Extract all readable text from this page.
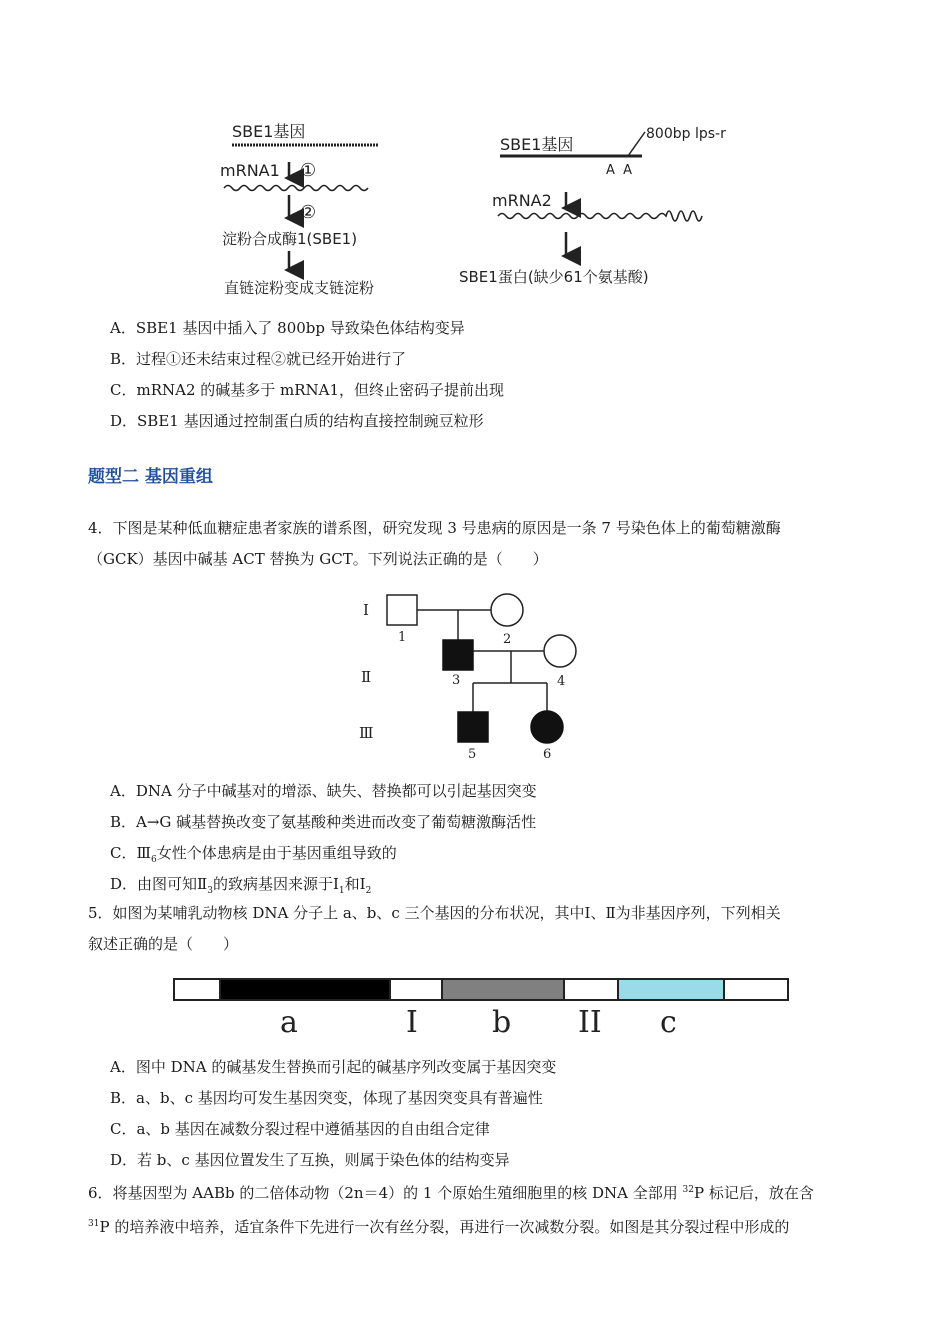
SBE1基因
mRNA1 ①
②
淀粉合成酶1(SBE1)
直链淀粉变成支链淀粉
SBE1基因
800bp lps-r
A  A
mRNA2
SBE1蛋白(缺少61个氨基酸)
A．SBE1 基因中插入了 800bp 导致染色体结构变异
B．过程①还未结束过程②就已经开始进行了
C．mRNA2 的碱基多于 mRNA1，但终止密码子提前出现
D．SBE1 基因通过控制蛋白质的结构直接控制豌豆粒形
题型二 基因重组
4．下图是某种低血糖症患者家族的谱系图，研究发现 3 号患病的原因是一条 7 号染色体上的葡萄糖激酶
（GCK）基因中碱基 ACT 替换为 GCT。下列说法正确的是（　　）
Ⅰ
Ⅱ
Ⅲ
1	2
3	4
5	6
A．DNA 分子中碱基对的增添、缺失、替换都可以引起基因突变
B．A→G 碱基替换改变了氨基酸种类进而改变了葡萄糖激酶活性
C．$Ⅲ_6$女性个体患病是由于基因重组导致的
D．由图可知$Ⅱ_3$的致病基因来源于$Ⅰ_1$和$Ⅰ_2$
5．如图为某哺乳动物核 DNA 分子上 a、b、c 三个基因的分布状况，其中Ⅰ、Ⅱ为非基因序列，下列相关
叙述正确的是（　　）
a	I b II c
A．图中 DNA 的碱基发生替换而引起的碱基序列改变属于基因突变
B．a、b、c 基因均可发生基因突变，体现了基因突变具有普遍性
C．a、b 基因在减数分裂过程中遵循基因的自由组合定律
D．若 b、c 基因位置发生了互换，则属于染色体的结构变异
6．将基因型为 AABb 的二倍体动物（2n＝4）的 1 个原始生殖细胞里的核 DNA 全部用 $^{32}$P 标记后，放在含
$^{31}$P 的培养液中培养，适宜条件下先进行一次有丝分裂，再进行一次减数分裂。如图是其分裂过程中形成的
